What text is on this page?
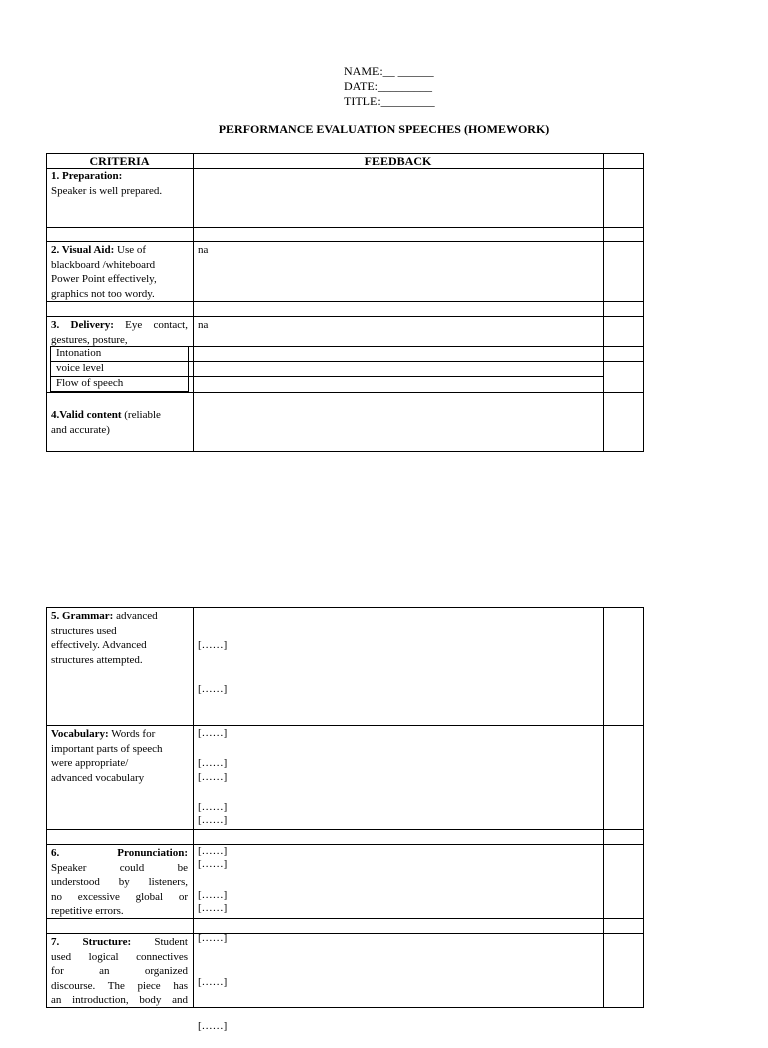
NAME:__ ______
DATE:_________
TITLE:_________
PERFORMANCE EVALUATION SPEECHES (HOMEWORK)
CRITERIA	FEEDBACK
1. Preparation:
Speaker is well prepared.
2. Visual Aid: Use of
blackboard /whiteboard
Power Point effectively,
graphics not too wordy.
na
3. Delivery: Eye contact,
gestures, posture,
na
Intonation
voice level
Flow of speech
4.Valid content (reliable
and accurate)
5. Grammar: advanced
structures used
effectively. Advanced
structures attempted.

[……]

[……]

[……]

[……]

[……]

[……]

[……]

Vocabulary: Words for
important parts of speech
were appropriate/
advanced vocabulary

[……]

[……]

[……]

[……]

[……]

[……]

[……]

6.	Pronunciation:
Speaker could be
understood by listeners,
no excessive global or
repetitive errors.
7. Structure: Student
used logical connectives
for an organized
discourse. The piece has
an introduction, body and
